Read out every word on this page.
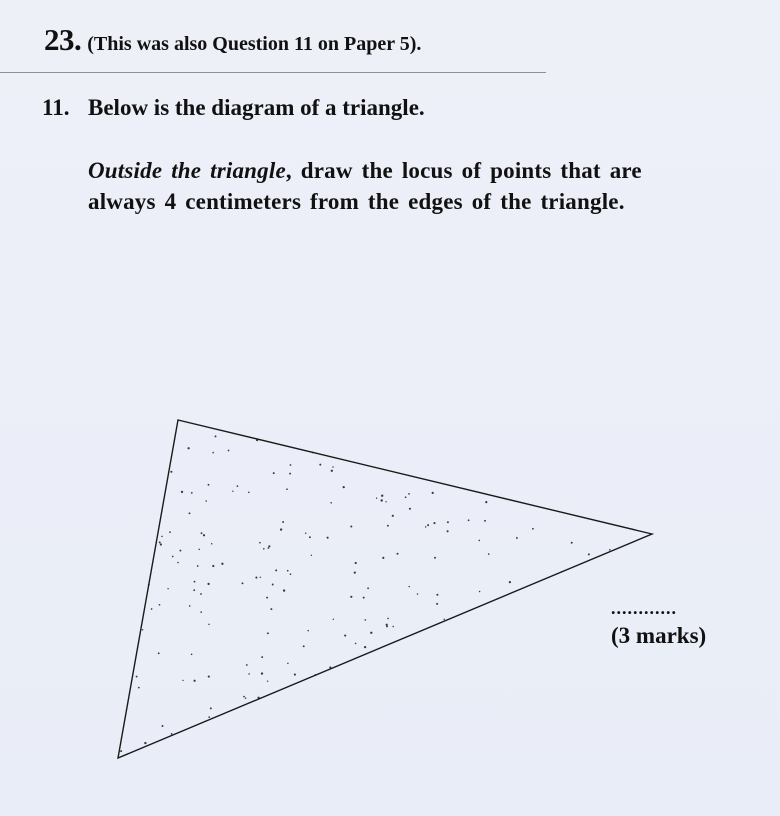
23. (This was also Question 11 on Paper 5).
11. Below is the diagram of a triangle.
Outside the triangle, draw the locus of points that are
always 4 centimeters from the edges of the triangle.
............
(3 marks)
